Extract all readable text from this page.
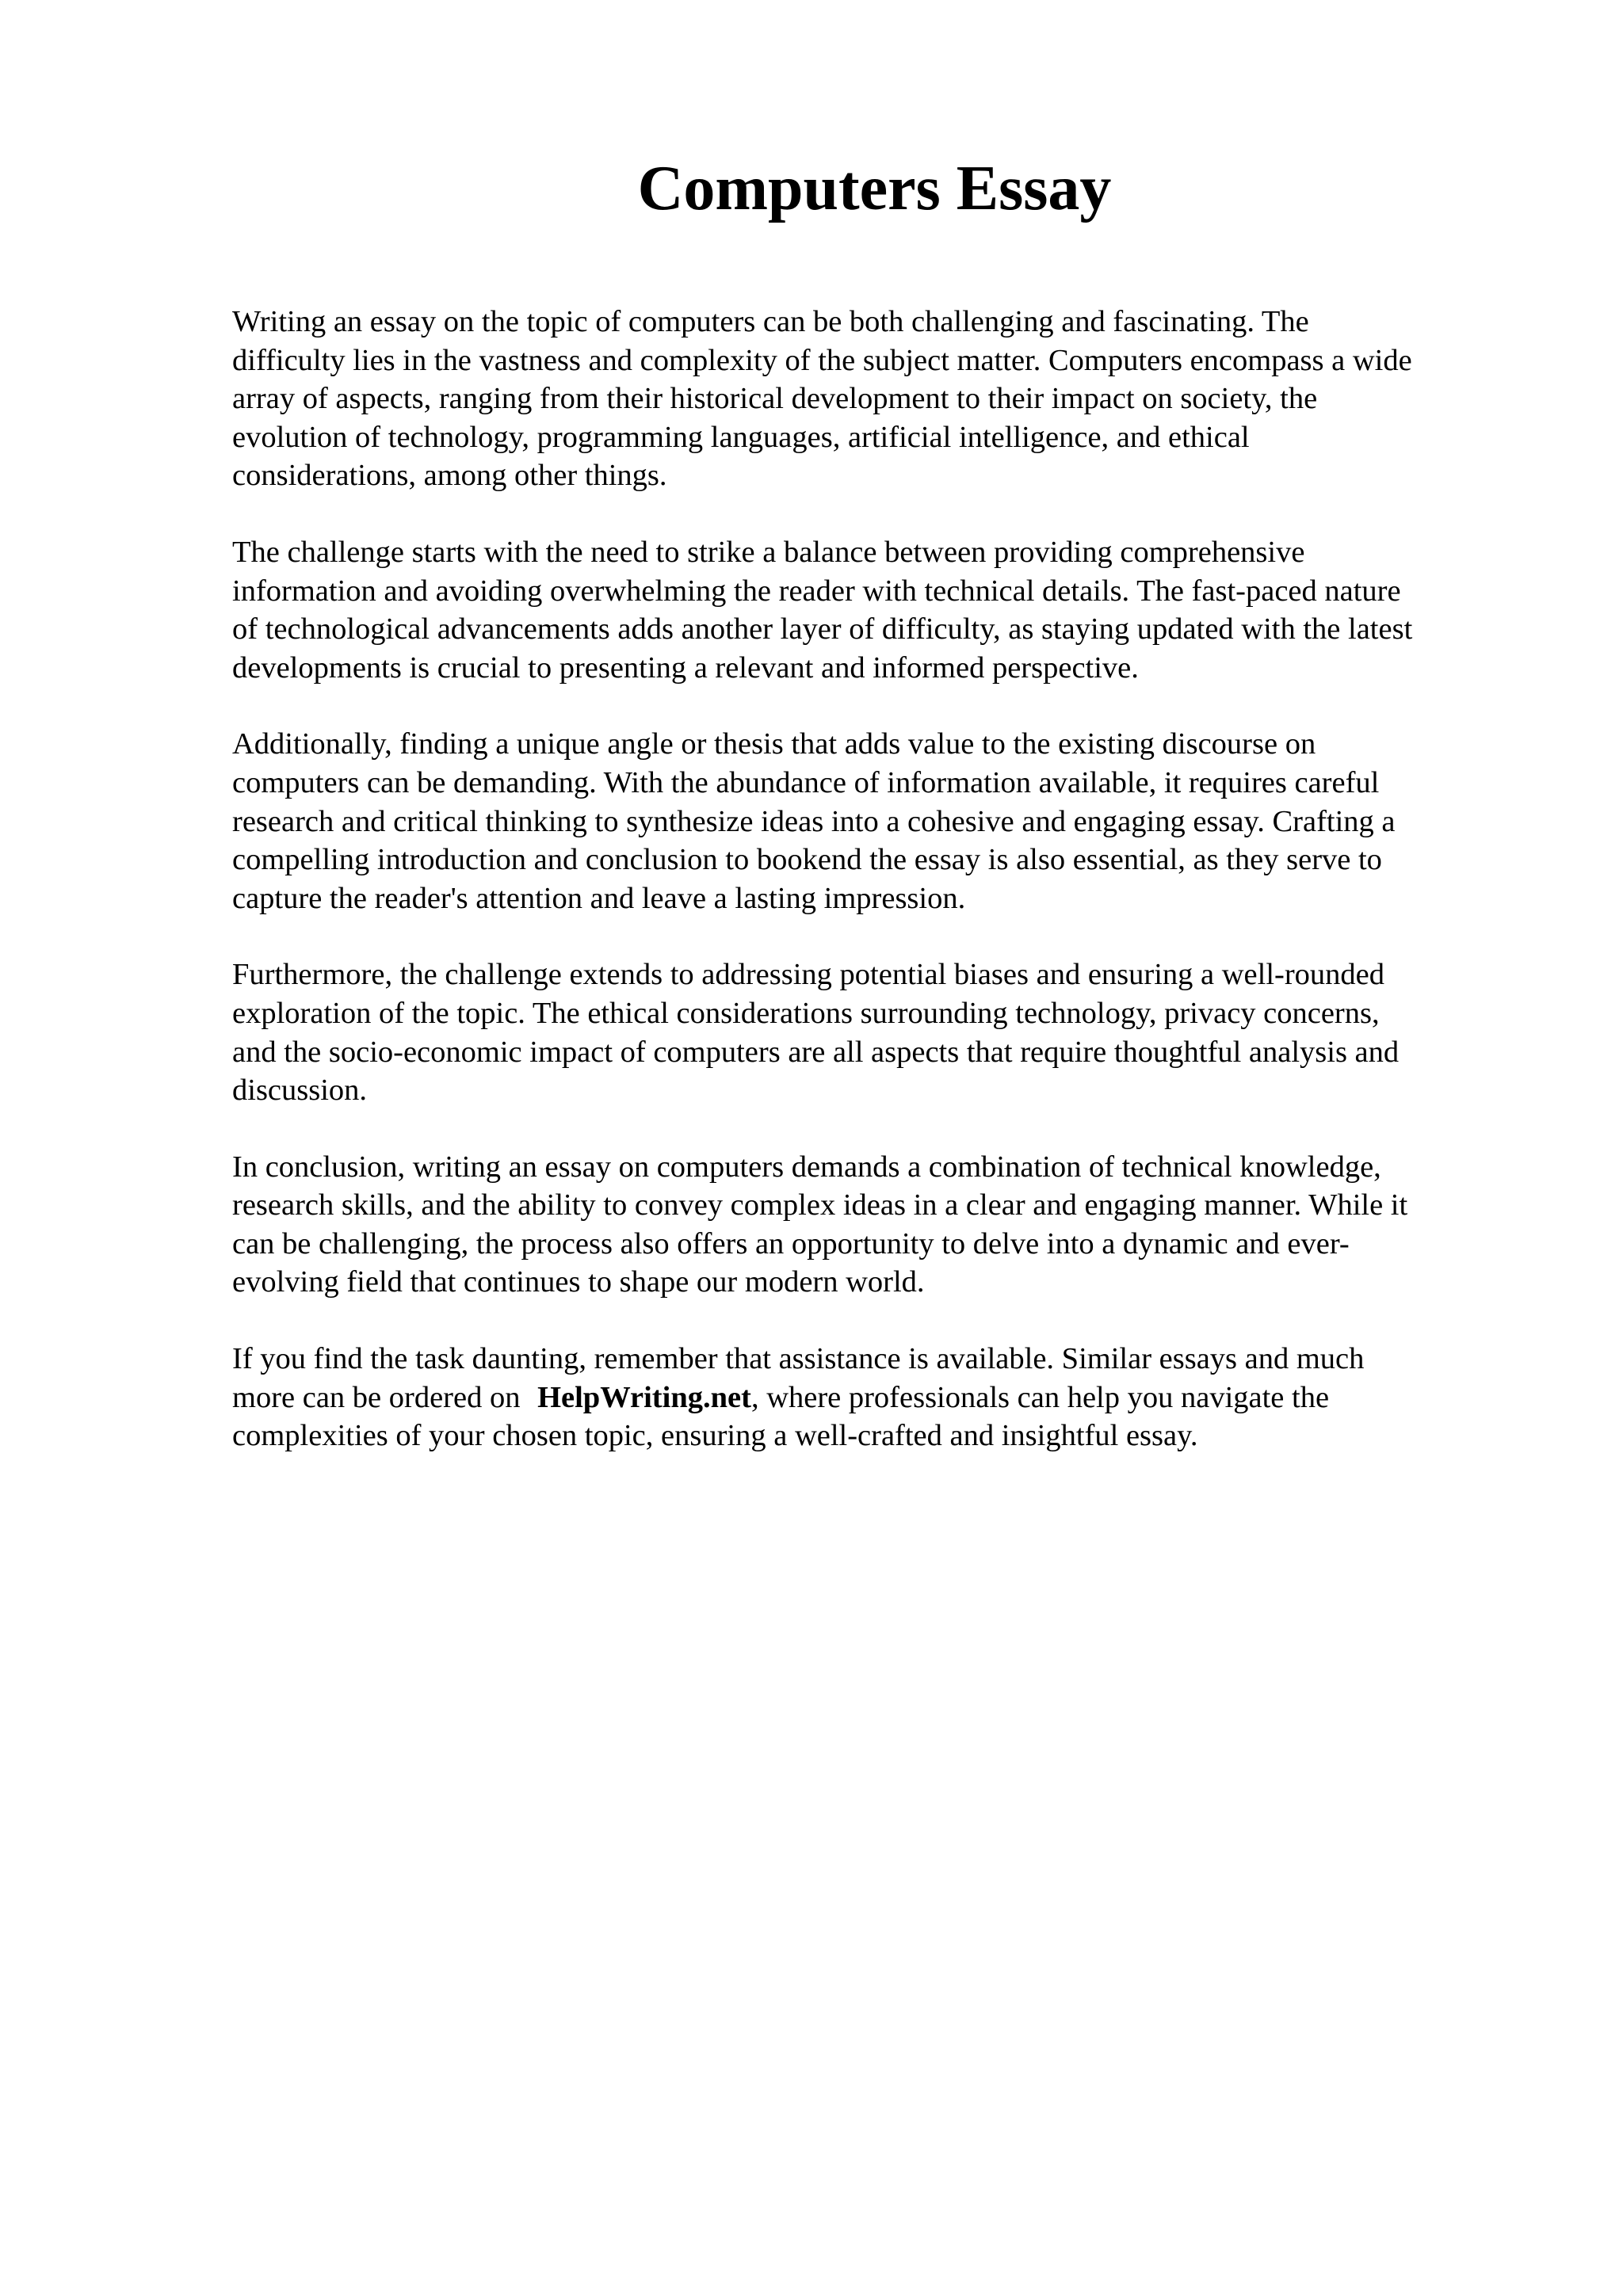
Computers Essay

Writing an essay on the topic of computers can be both challenging and fascinating. The
difficulty lies in the vastness and complexity of the subject matter. Computers encompass a wide
array of aspects, ranging from their historical development to their impact on society, the
evolution of technology, programming languages, artificial intelligence, and ethical
considerations, among other things.

The challenge starts with the need to strike a balance between providing comprehensive
information and avoiding overwhelming the reader with technical details. The fast-paced nature
of technological advancements adds another layer of difficulty, as staying updated with the latest
developments is crucial to presenting a relevant and informed perspective.

Additionally, finding a unique angle or thesis that adds value to the existing discourse on
computers can be demanding. With the abundance of information available, it requires careful
research and critical thinking to synthesize ideas into a cohesive and engaging essay. Crafting a
compelling introduction and conclusion to bookend the essay is also essential, as they serve to
capture the reader's attention and leave a lasting impression.

Furthermore, the challenge extends to addressing potential biases and ensuring a well-rounded
exploration of the topic. The ethical considerations surrounding technology, privacy concerns,
and the socio-economic impact of computers are all aspects that require thoughtful analysis and
discussion.

In conclusion, writing an essay on computers demands a combination of technical knowledge,
research skills, and the ability to convey complex ideas in a clear and engaging manner. While it
can be challenging, the process also offers an opportunity to delve into a dynamic and ever-
evolving field that continues to shape our modern world.

If you find the task daunting, remember that assistance is available. Similar essays and much
more can be ordered on HelpWriting.net, where professionals can help you navigate the
complexities of your chosen topic, ensuring a well-crafted and insightful essay.
